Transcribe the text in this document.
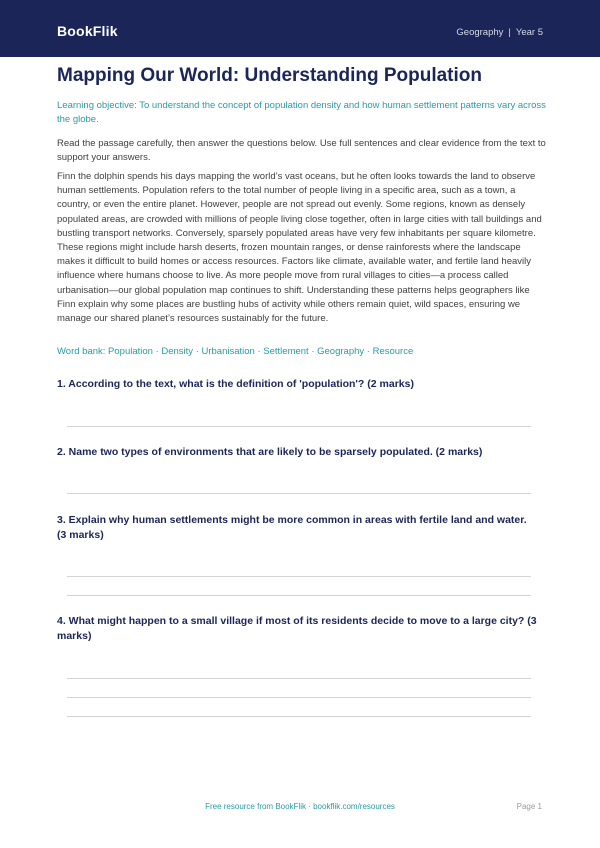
BookFlik	Geography | Year 5
Mapping Our World: Understanding Population

Learning objective: To understand the concept of population density and how human settlement patterns vary across the globe.

Read the passage carefully, then answer the questions below. Use full sentences and clear evidence from the text to support your answers.

Finn the dolphin spends his days mapping the world’s vast oceans, but he often looks towards the land to observe human settlements. Population refers to the total number of people living in a specific area, such as a town, a country, or even the entire planet. However, people are not spread out evenly. Some regions, known as densely populated areas, are crowded with millions of people living close together, often in large cities with tall buildings and bustling transport networks. Conversely, sparsely populated areas have very few inhabitants per square kilometre. These regions might include harsh deserts, frozen mountain ranges, or dense rainforests where the landscape makes it difficult to build homes or access resources. Factors like climate, available water, and fertile land heavily influence where humans choose to live. As more people move from rural villages to cities—a process called urbanisation—our global population map continues to shift. Understanding these patterns helps geographers like Finn explain why some places are bustling hubs of activity while others remain quiet, wild spaces, ensuring we manage our shared planet’s resources sustainably for the future.

Word bank: Population · Density · Urbanisation · Settlement · Geography · Resource

1. According to the text, what is the definition of 'population'? (2 marks)

2. Name two types of environments that are likely to be sparsely populated. (2 marks)

3. Explain why human settlements might be more common in areas with fertile land and water. (3 marks)

4. What might happen to a small village if most of its residents decide to move to a large city? (3 marks)

Free resource from BookFlik · bookflik.com/resources	Page 1
